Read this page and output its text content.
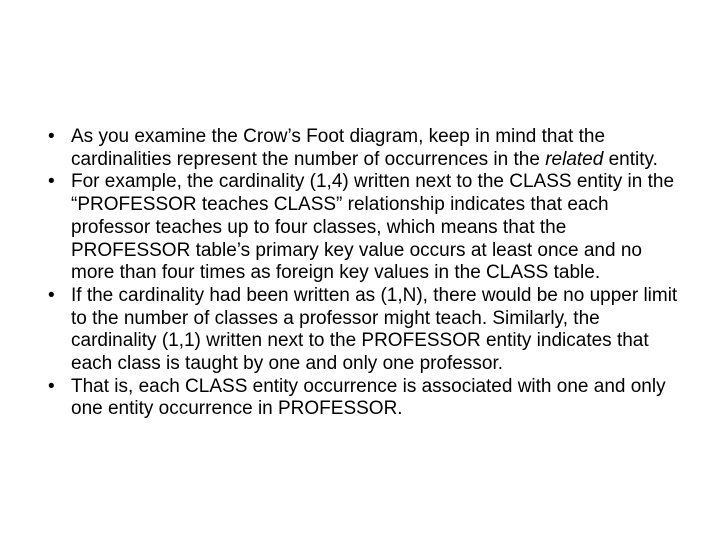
• As you examine the Crow’s Foot diagram, keep in mind that the cardinalities represent the number of occurrences in the related entity.
• For example, the cardinality (1,4) written next to the CLASS entity in the “PROFESSOR teaches CLASS” relationship indicates that each professor teaches up to four classes, which means that the PROFESSOR table’s primary key value occurs at least once and no more than four times as foreign key values in the CLASS table.
• If the cardinality had been written as (1,N), there would be no upper limit to the number of classes a professor might teach. Similarly, the cardinality (1,1) written next to the PROFESSOR entity indicates that each class is taught by one and only one professor.
• That is, each CLASS entity occurrence is associated with one and only one entity occurrence in PROFESSOR.
